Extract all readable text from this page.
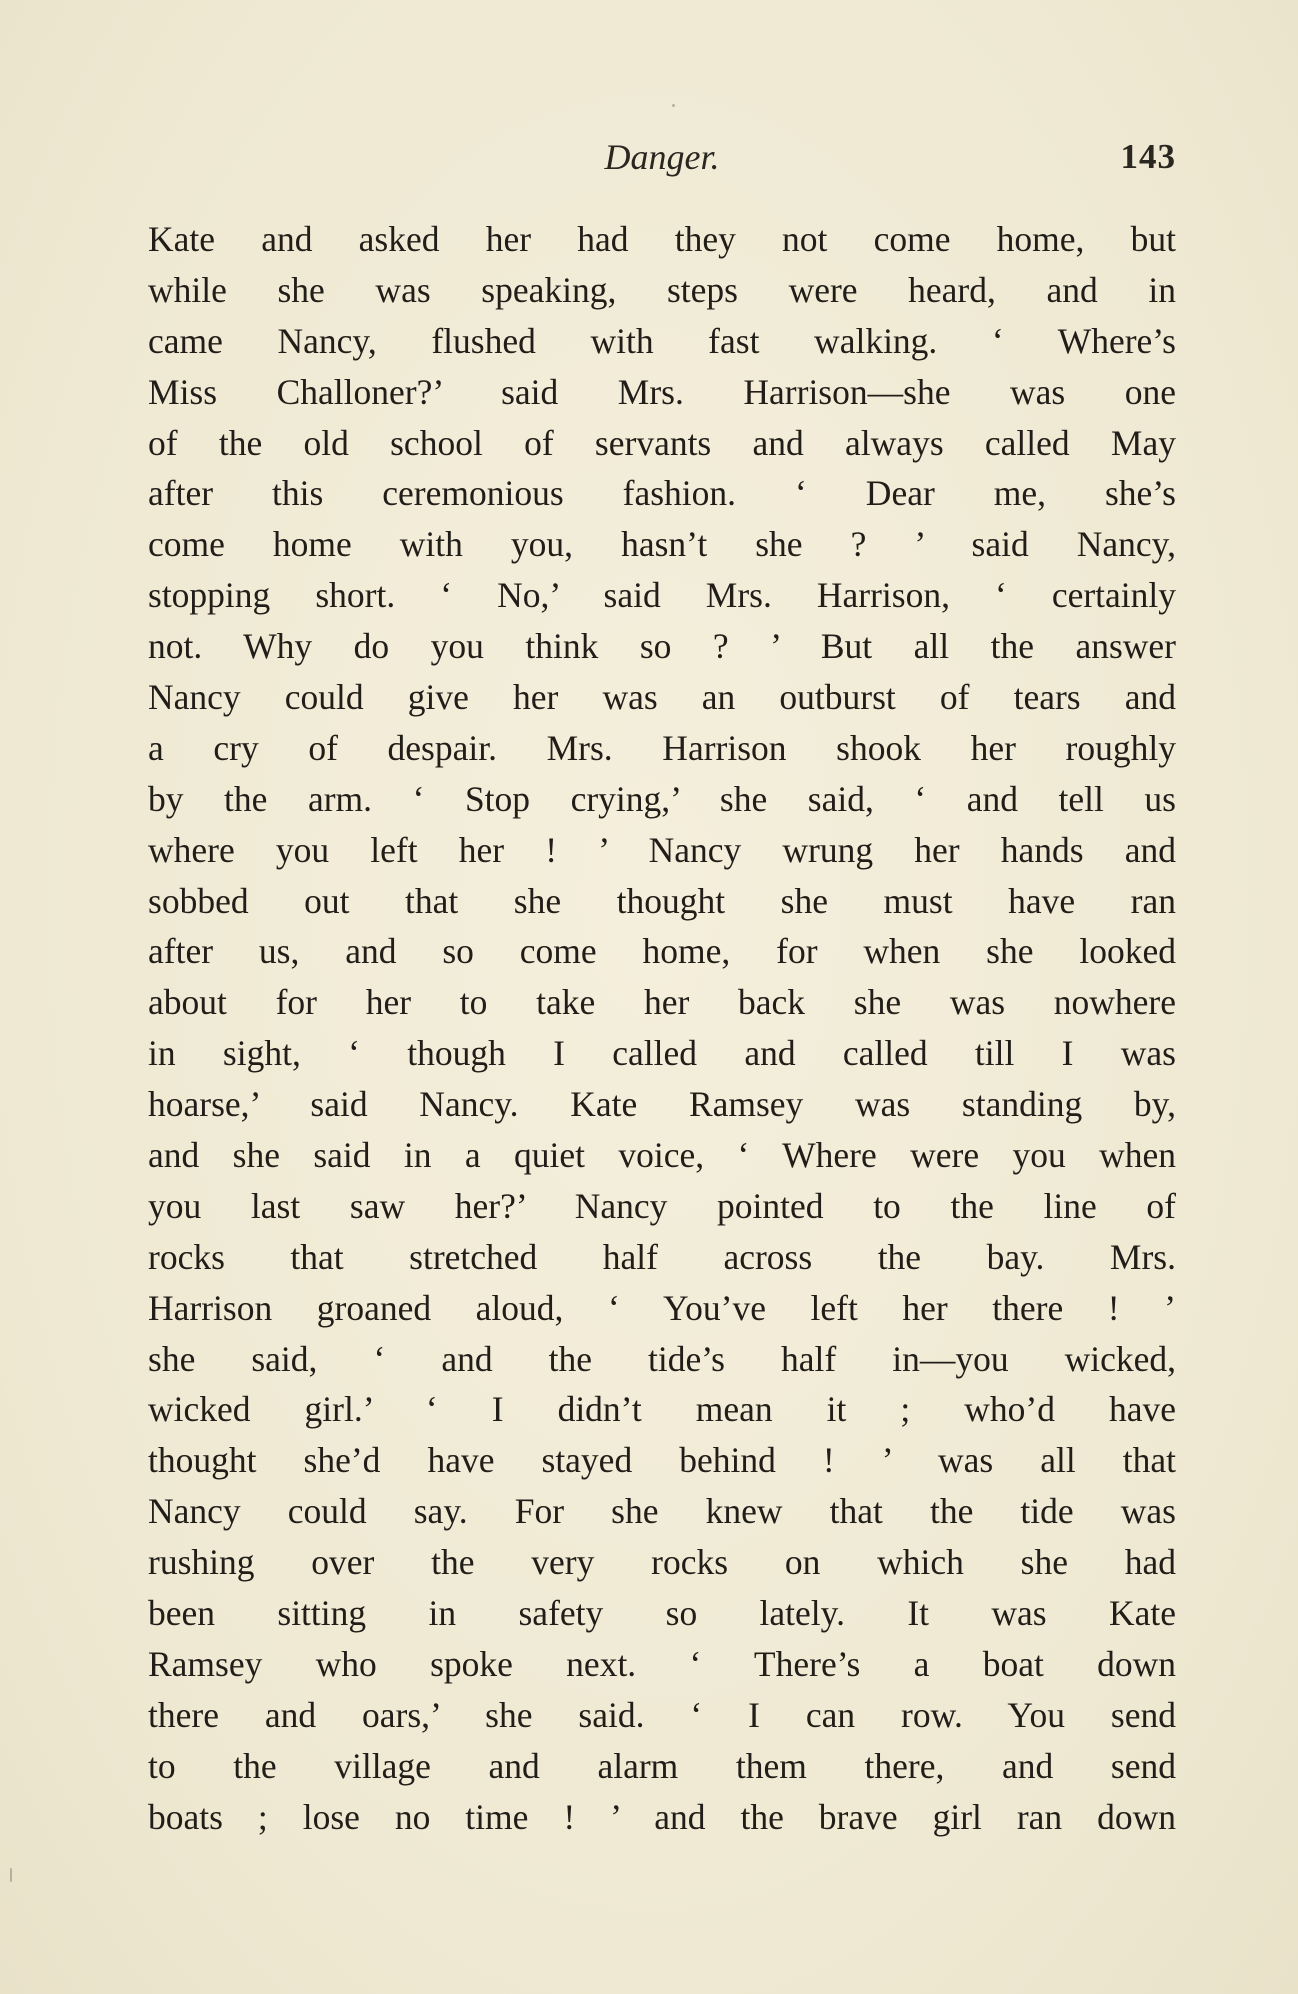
Danger.	143
Kate and asked her had they not come home, but
while she was speaking, steps were heard, and in
came Nancy, flushed with fast walking. ‘ Where’s
Miss Challoner?’ said Mrs. Harrison—she was one
of the old school of servants and always called May
after this ceremonious fashion. ‘ Dear me, she’s
come home with you, hasn’t she ? ’ said Nancy,
stopping short. ‘ No,’ said Mrs. Harrison, ‘ certainly
not. Why do you think so ? ’ But all the answer
Nancy could give her was an outburst of tears and
a cry of despair. Mrs. Harrison shook her roughly
by the arm. ‘ Stop crying,’ she said, ‘ and tell us
where you left her ! ’ Nancy wrung her hands and
sobbed out that she thought she must have ran
after us, and so come home, for when she looked
about for her to take her back she was nowhere
in sight, ‘ though I called and called till I was
hoarse,’ said Nancy. Kate Ramsey was standing by,
and she said in a quiet voice, ‘ Where were you when
you last saw her?’ Nancy pointed to the line of
rocks that stretched half across the bay. Mrs.
Harrison groaned aloud, ‘ You’ve left her there ! ’
she said, ‘ and the tide’s half in—you wicked,
wicked girl.’ ‘ I didn’t mean it ; who’d have
thought she’d have stayed behind ! ’ was all that
Nancy could say. For she knew that the tide was
rushing over the very rocks on which she had
been sitting in safety so lately. It was Kate
Ramsey who spoke next. ‘ There’s a boat down
there and oars,’ she said. ‘ I can row. You send
to the village and alarm them there, and send
boats ; lose no time ! ’ and the brave girl ran down
